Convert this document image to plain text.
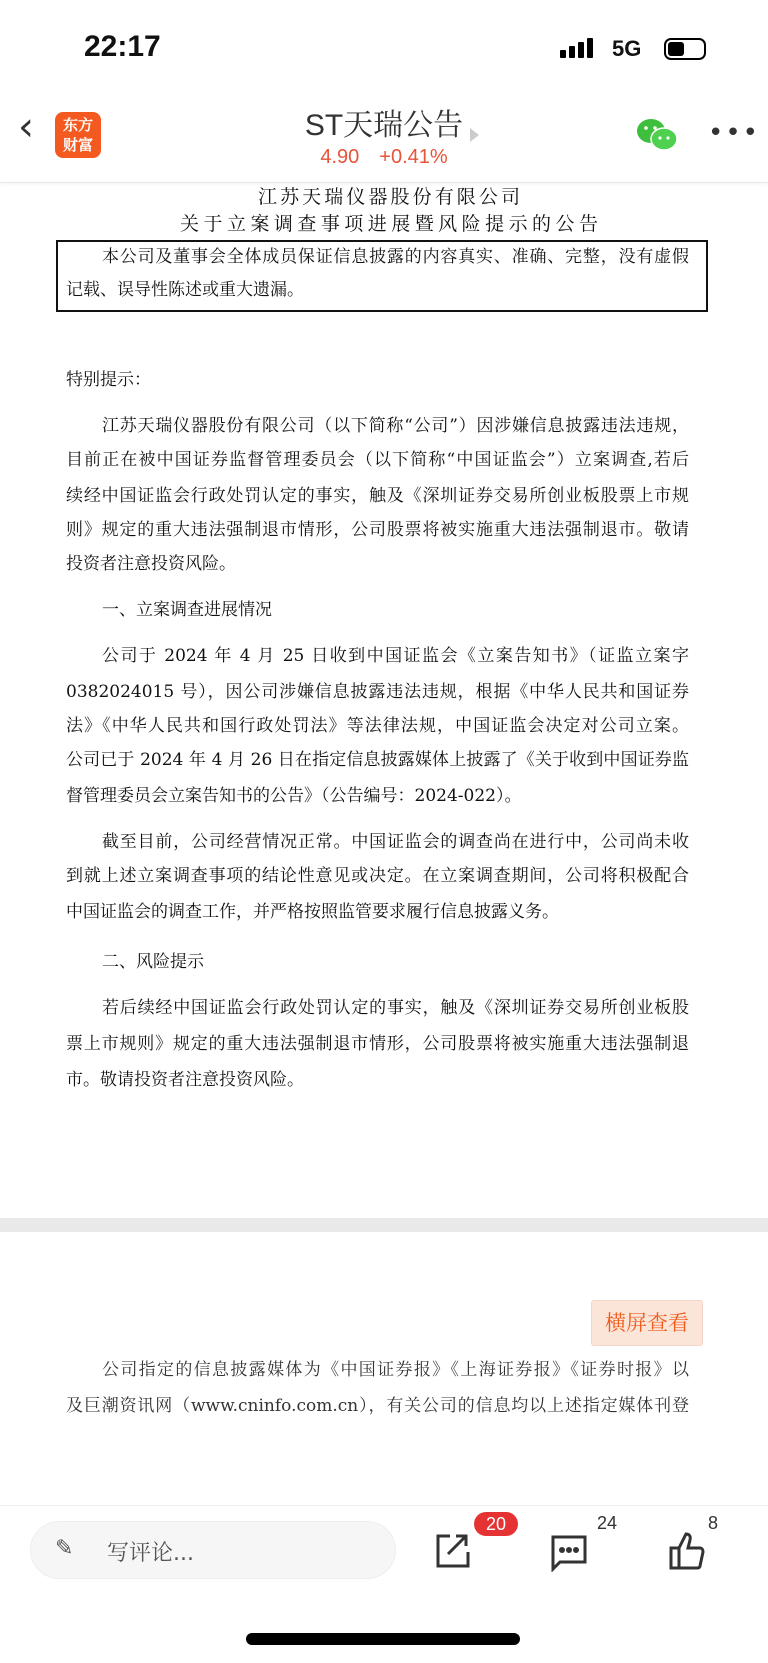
22:17	5G
‹	东方
财富
ST天瑞公告
4.90 +0.41%
•••
江苏天瑞仪器股份有限公司
关于立案调查事项进展暨风险提示的公告
本公司及董事会全体成员保证信息披露的内容真实、准确、完整，没有虚假
记载、误导性陈述或重大遗漏。
特别提示：
江苏天瑞仪器股份有限公司（以下简称“公司”）因涉嫌信息披露违法违规，
目前正在被中国证券监督管理委员会（以下简称“中国证监会”）立案调查,若后
续经中国证监会行政处罚认定的事实，触及《深圳证券交易所创业板股票上市规
则》规定的重大违法强制退市情形，公司股票将被实施重大违法强制退市。敬请
投资者注意投资风险。
一、立案调查进展情况
公司于 2024 年 4 月 25 日收到中国证监会《立案告知书》（证监立案字
0382024015 号），因公司涉嫌信息披露违法违规，根据《中华人民共和国证券
法》《中华人民共和国行政处罚法》等法律法规，中国证监会决定对公司立案。
公司已于 2024 年 4 月 26 日在指定信息披露媒体上披露了《关于收到中国证券监
督管理委员会立案告知书的公告》（公告编号：2024-022）。
截至目前，公司经营情况正常。中国证监会的调查尚在进行中，公司尚未收
到就上述立案调查事项的结论性意见或决定。在立案调查期间，公司将积极配合
中国证监会的调查工作，并严格按照监管要求履行信息披露义务。
二、风险提示
若后续经中国证监会行政处罚认定的事实，触及《深圳证券交易所创业板股
票上市规则》规定的重大违法强制退市情形，公司股票将被实施重大违法强制退
市。敬请投资者注意投资风险。
公司指定的信息披露媒体为《中国证券报》《上海证券报》《证券时报》以
及巨潮资讯网（www.cninfo.com.cn），有关公司的信息均以上述指定媒体刊登
横屏查看
✎ 写评论...
20	24	8
